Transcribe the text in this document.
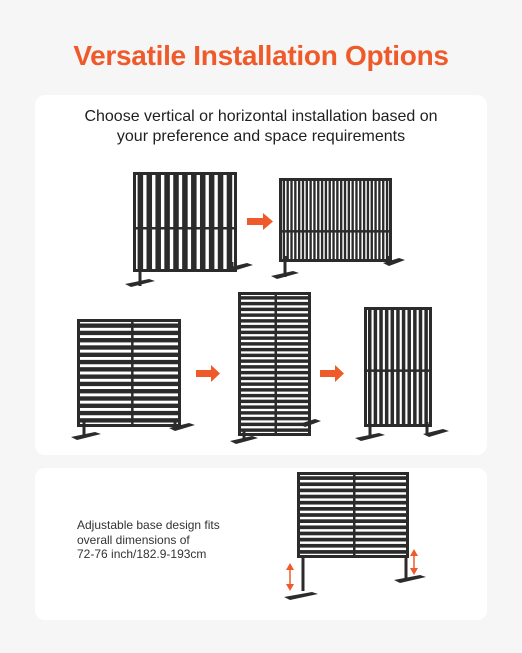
Versatile Installation Options
Choose vertical or horizontal installation based on
your preference and space requirements
Adjustable base design fits
overall dimensions of
72-76 inch/182.9-193cm
